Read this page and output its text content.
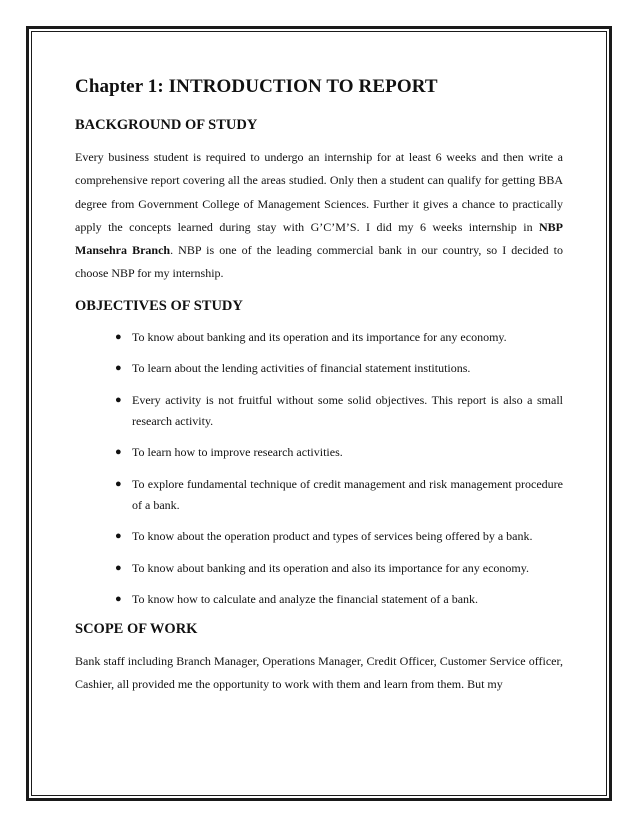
Chapter 1: INTRODUCTION TO REPORT
BACKGROUND OF STUDY

Every business student is required to undergo an internship for at least 6 weeks and then write a comprehensive report covering all the areas studied. Only then a student can qualify for getting BBA degree from Government College of Management Sciences. Further it gives a chance to practically apply the concepts learned during stay with G’C’M’S. I did my 6 weeks internship in NBP Mansehra Branch. NBP is one of the leading commercial bank in our country, so I decided to choose NBP for my internship.

OBJECTIVES OF STUDY
● To know about banking and its operation and its importance for any economy.
● To learn about the lending activities of financial statement institutions.
● Every activity is not fruitful without some solid objectives. This report is also a small research activity.
● To learn how to improve research activities.
● To explore fundamental technique of credit management and risk management procedure of a bank.
● To know about the operation product and types of services being offered by a bank.
● To know about banking and its operation and also its importance for any economy.
● To know how to calculate and analyze the financial statement of a bank.
SCOPE OF WORK

Bank staff including Branch Manager, Operations Manager, Credit Officer, Customer Service officer, Cashier, all provided me the opportunity to work with them and learn from them. But my
